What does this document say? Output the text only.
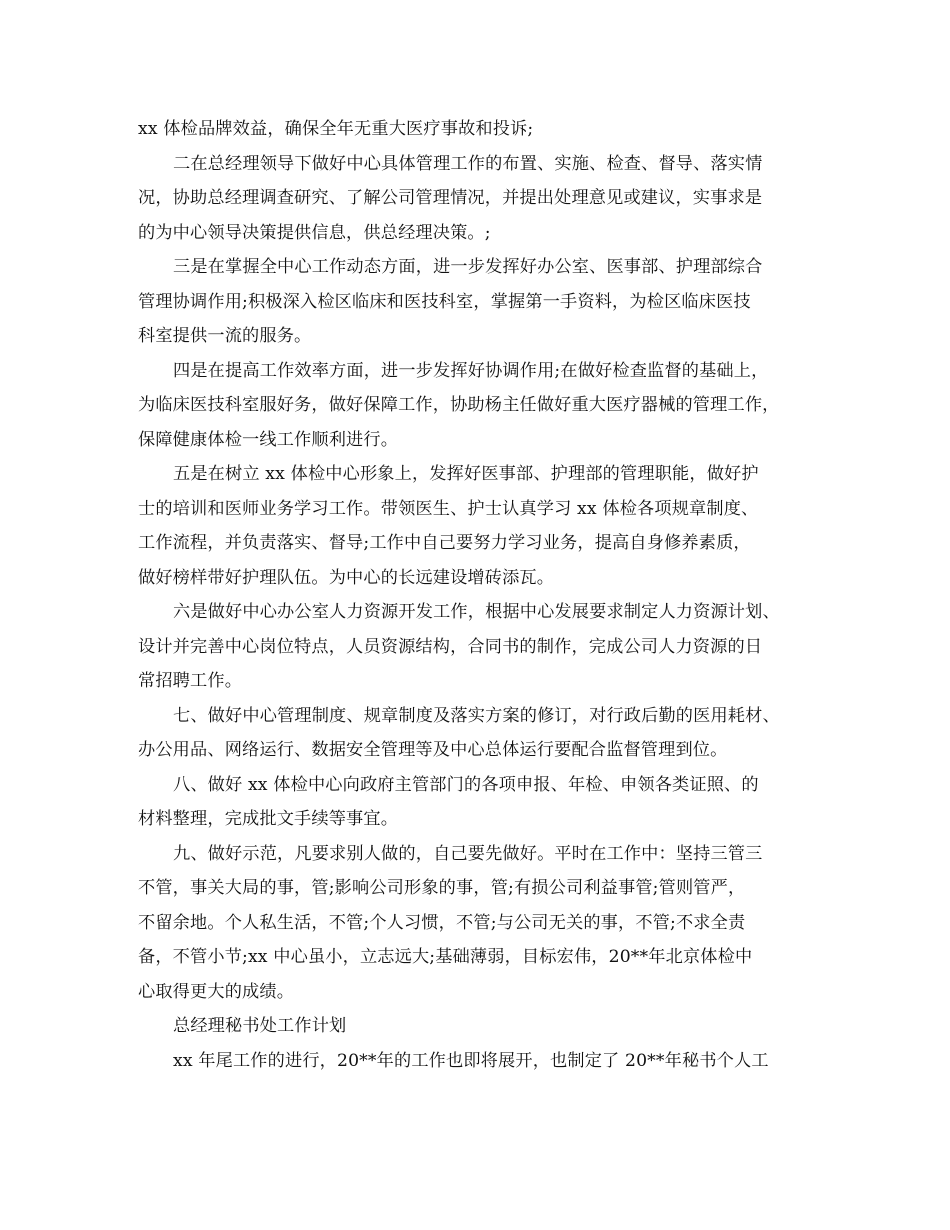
xx 体检品牌效益，确保全年无重大医疗事故和投诉;
二在总经理领导下做好中心具体管理工作的布置、实施、检查、督导、落实情
况，协助总经理调查研究、了解公司管理情况，并提出处理意见或建议，实事求是
的为中心领导决策提供信息，供总经理决策。;
三是在掌握全中心工作动态方面，进一步发挥好办公室、医事部、护理部综合
管理协调作用;积极深入检区临床和医技科室，掌握第一手资料，为检区临床医技
科室提供一流的服务。
四是在提高工作效率方面，进一步发挥好协调作用;在做好检查监督的基础上，
为临床医技科室服好务，做好保障工作，协助杨主任做好重大医疗器械的管理工作，
保障健康体检一线工作顺利进行。
五是在树立 xx 体检中心形象上，发挥好医事部、护理部的管理职能，做好护
士的培训和医师业务学习工作。带领医生、护士认真学习 xx 体检各项规章制度、
工作流程，并负责落实、督导;工作中自己要努力学习业务，提高自身修养素质，
做好榜样带好护理队伍。为中心的长远建设增砖添瓦。
六是做好中心办公室人力资源开发工作，根据中心发展要求制定人力资源计划、
设计并完善中心岗位特点，人员资源结构，合同书的制作，完成公司人力资源的日
常招聘工作。
七、做好中心管理制度、规章制度及落实方案的修订，对行政后勤的医用耗材、
办公用品、网络运行、数据安全管理等及中心总体运行要配合监督管理到位。
八、做好 xx 体检中心向政府主管部门的各项申报、年检、申领各类证照、的
材料整理，完成批文手续等事宜。
九、做好示范，凡要求别人做的，自己要先做好。平时在工作中：坚持三管三
不管，事关大局的事，管;影响公司形象的事，管;有损公司利益事管;管则管严，
不留余地。个人私生活，不管;个人习惯，不管;与公司无关的事，不管;不求全责
备，不管小节;xx 中心虽小，立志远大;基础薄弱，目标宏伟，20**年北京体检中
心取得更大的成绩。
总经理秘书处工作计划
xx 年尾工作的进行，20**年的工作也即将展开，也制定了 20**年秘书个人工
